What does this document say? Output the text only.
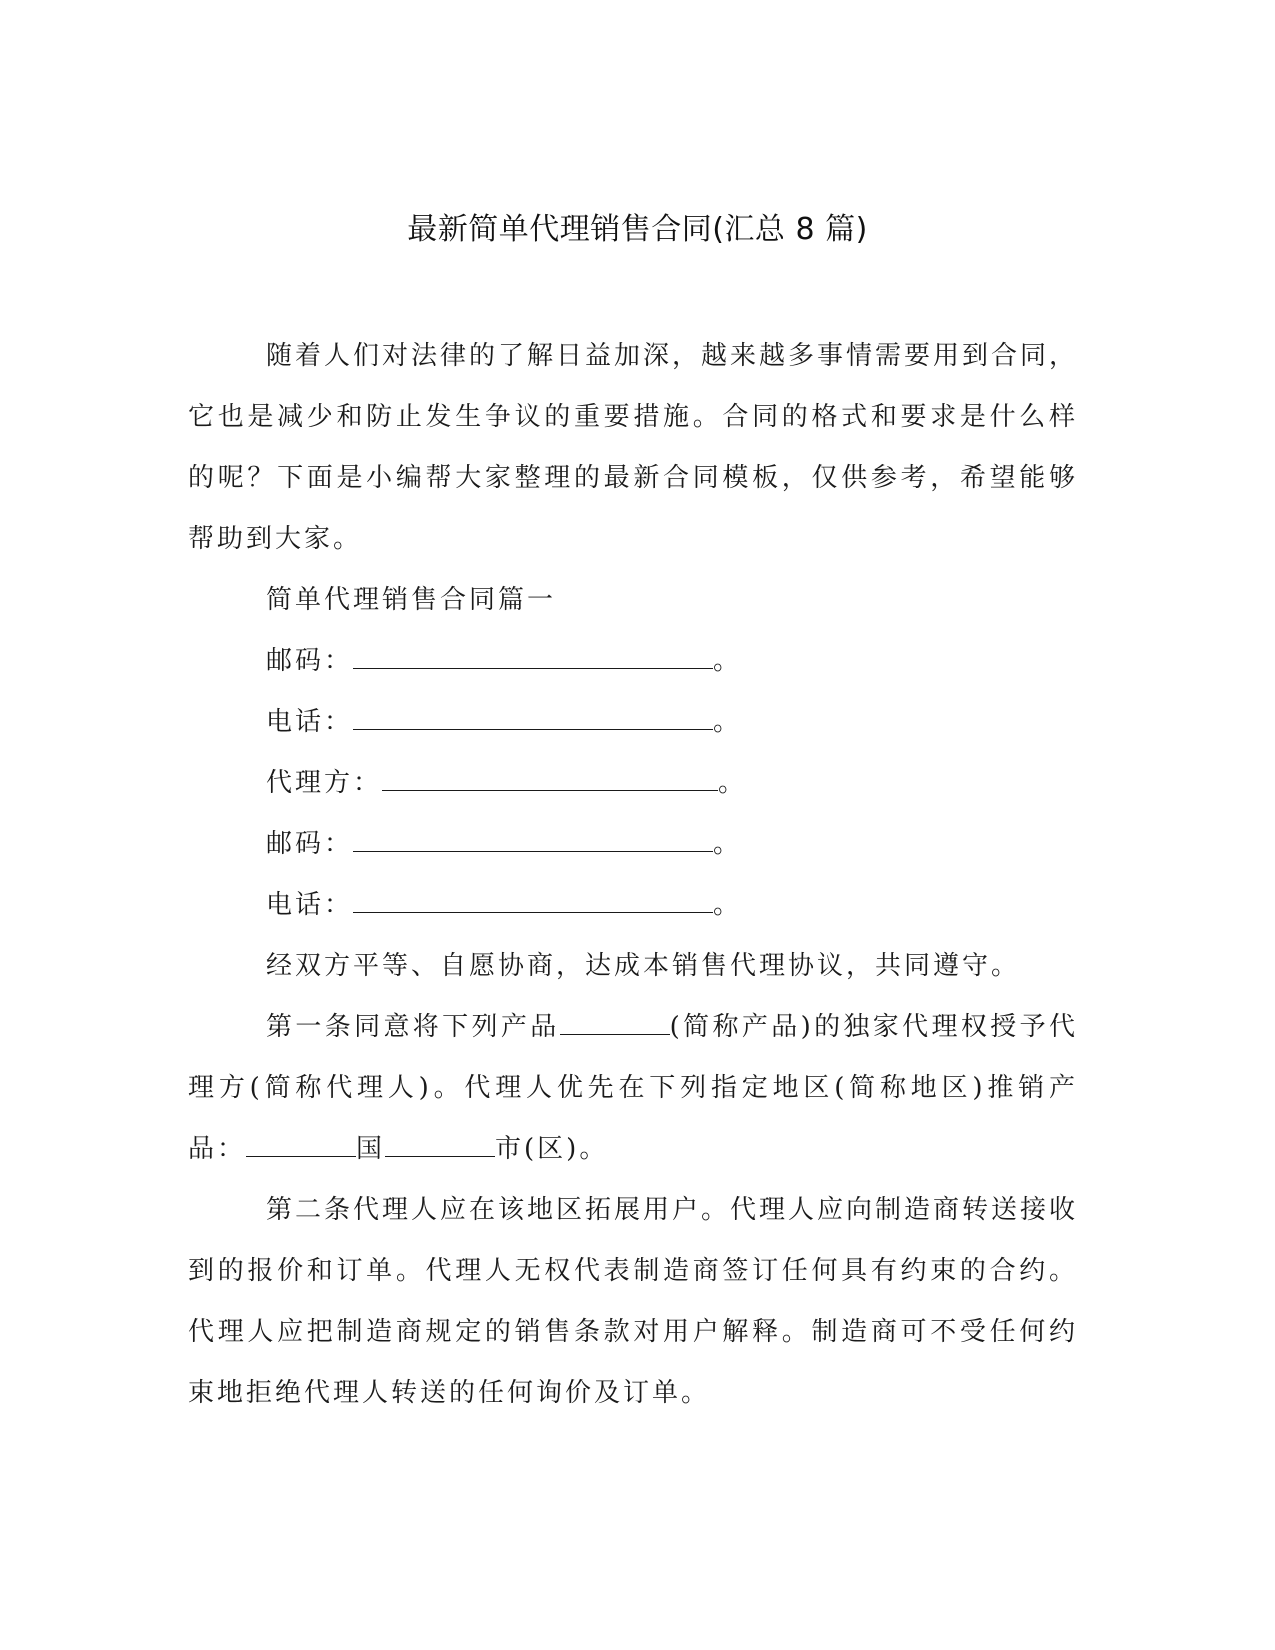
最新简单代理销售合同(汇总 8 篇)

随着人们对法律的了解日益加深，越来越多事情需要用到合同，它也是减少和防止发生争议的重要措施。合同的格式和要求是什么样的呢？下面是小编帮大家整理的最新合同模板，仅供参考，希望能够帮助到大家。

简单代理销售合同篇一

邮码：	。

电话：	。

代理方：	。

邮码：	。

电话：	。

经双方平等、自愿协商，达成本销售代理协议，共同遵守。

第一条同意将下列产品	(简称产品)的独家代理权授予代理方(简称代理人)。代理人优先在下列指定地区(简称地区)推销产品：	国	市(区)。

第二条代理人应在该地区拓展用户。代理人应向制造商转送接收到的报价和订单。代理人无权代表制造商签订任何具有约束的合约。代理人应把制造商规定的销售条款对用户解释。制造商可不受任何约束地拒绝代理人转送的任何询价及订单。
